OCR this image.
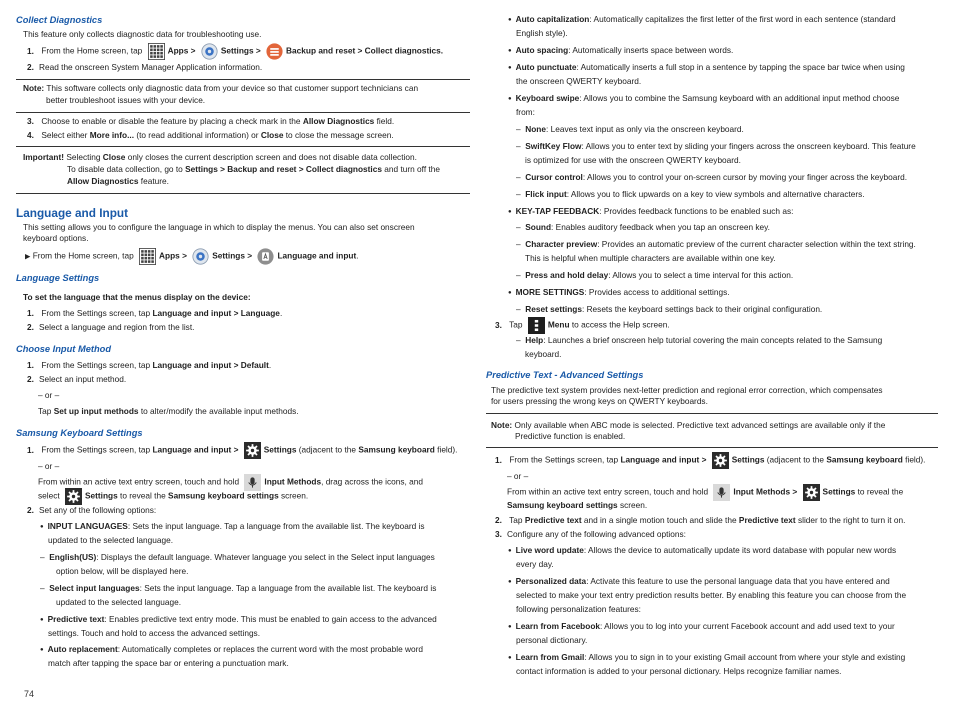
Collect Diagnostics
This feature only collects diagnostic data for troubleshooting use.
1. From the Home screen, tap	Apps >	Settings >	Backup and reset > Collect diagnostics.
2. Read the onscreen System Manager Application information.
Note: This software collects only diagnostic data from your device so that customer support technicians can
better troubleshoot issues with your device.
3. Choose to enable or disable the feature by placing a check mark in the Allow Diagnostics field.
4. Select either More info... (to read additional information) or Close to close the message screen.
Important! Selecting Close only closes the current description screen and does not disable data collection.
To disable data collection, go to Settings > Backup and reset > Collect diagnostics and turn off the
Allow Diagnostics feature.
Language and Input
This setting allows you to configure the language in which to display the menus. You can also set onscreen
keyboard options.
▶ From the Home screen, tap	Apps >	Settings >	Language and input.
Language Settings
To set the language that the menus display on the device:
1. From the Settings screen, tap Language and input > Language.
2. Select a language and region from the list.
Choose Input Method
1. From the Settings screen, tap Language and input > Default.
2. Select an input method.
– or –
Tap Set up input methods to alter/modify the available input methods.
Samsung Keyboard Settings
1. From the Settings screen, tap Language and input >	Settings (adjacent to the Samsung keyboard field).
– or –
From within an active text entry screen, touch and hold	Input Methods, drag across the icons, and
select	Settings to reveal the Samsung keyboard settings screen.
2. Set any of the following options:
● INPUT LANGUAGES: Sets the input language. Tap a language from the available list. The keyboard is
updated to the selected language.
–  English(US): Displays the default language. Whatever language you select in the Select input languages
option below, will be displayed here.
–  Select input languages: Sets the input language. Tap a language from the available list. The keyboard is
updated to the selected language.
● Predictive text: Enables predictive text entry mode. This must be enabled to gain access to the advanced
settings. Touch and hold to access the advanced settings.
● Auto replacement: Automatically completes or replaces the current word with the most probable word
match after tapping the space bar or entering a punctuation mark.
74
● Auto capitalization: Automatically capitalizes the first letter of the first word in each sentence (standard
English style).
● Auto spacing: Automatically inserts space between words.
● Auto punctuate: Automatically inserts a full stop in a sentence by tapping the space bar twice when using
the onscreen QWERTY keyboard.
● Keyboard swipe: Allows you to combine the Samsung keyboard with an additional input method choose
from:
–  None: Leaves text input as only via the onscreen keyboard.
–  SwiftKey Flow: Allows you to enter text by sliding your fingers across the onscreen keyboard. This feature
is optimized for use with the onscreen QWERTY keyboard.
–  Cursor control: Allows you to control your on-screen cursor by moving your finger across the keyboard.
–  Flick input: Allows you to flick upwards on a key to view symbols and alternative characters.
● KEY-TAP FEEDBACK: Provides feedback functions to be enabled such as:
–  Sound: Enables auditory feedback when you tap an onscreen key.
–  Character preview: Provides an automatic preview of the current character selection within the text string.
This is helpful when multiple characters are available within one key.
–  Press and hold delay: Allows you to select a time interval for this action.
● MORE SETTINGS: Provides access to additional settings.
–  Reset settings: Resets the keyboard settings back to their original configuration.
3. Tap	Menu to access the Help screen.
–  Help: Launches a brief onscreen help tutorial covering the main concepts related to the Samsung
keyboard.
Predictive Text - Advanced Settings
The predictive text system provides next-letter prediction and regional error correction, which compensates
for users pressing the wrong keys on QWERTY keyboards.
Note: Only available when ABC mode is selected. Predictive text advanced settings are available only if the
Predictive function is enabled.
1. From the Settings screen, tap Language and input >	Settings (adjacent to the Samsung keyboard field).
– or –
From within an active text entry screen, touch and hold	Input Methods >	Settings to reveal the
Samsung keyboard settings screen.
2. Tap Predictive text and in a single motion touch and slide the Predictive text slider to the right to turn it on.
3. Configure any of the following advanced options:
● Live word update: Allows the device to automatically update its word database with popular new words
every day.
● Personalized data: Activate this feature to use the personal language data that you have entered and
selected to make your text entry prediction results better. By enabling this feature you can choose from the
following personalization features:
● Learn from Facebook: Allows you to log into your current Facebook account and add used text to your
personal dictionary.
● Learn from Gmail: Allows you to sign in to your existing Gmail account from where your style and existing
contact information is added to your personal dictionary. Helps recognize familiar names.
